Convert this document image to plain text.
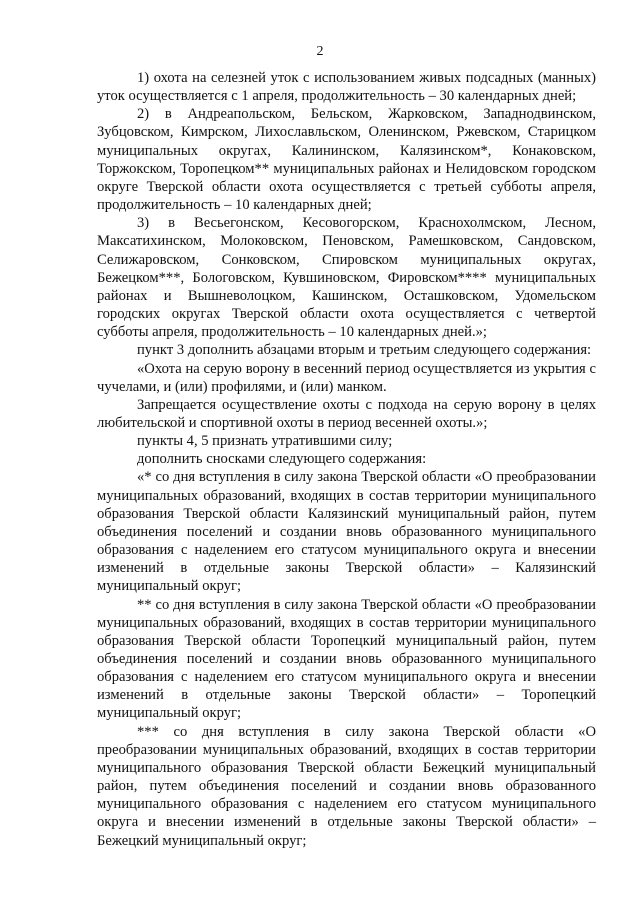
2

1) охота на селезней уток с использованием живых подсадных (манных) уток осуществляется с 1 апреля, продолжительность – 30 календарных дней;

2) в Андреапольском, Бельском, Жарковском, Западнодвинском, Зубцовском, Кимрском, Лихославльском, Оленинском, Ржевском, Старицком муниципальных округах, Калининском, Калязинском*, Конаковском, Торжокском, Торопецком** муниципальных районах и Нелидовском городском округе Тверской области охота осуществляется с третьей субботы апреля, продолжительность – 10 календарных дней;

3) в Весьегонском, Кесовогорском, Краснохолмском, Лесном, Максатихинском, Молоковском, Пеновском, Рамешковском, Сандовском, Селижаровском, Сонковском, Спировском муниципальных округах, Бежецком***, Бологовском, Кувшиновском, Фировском**** муниципальных районах и Вышневолоцком, Кашинском, Осташковском, Удомельском городских округах Тверской области охота осуществляется с четвертой субботы апреля, продолжительность – 10 календарных дней.»;

пункт 3 дополнить абзацами вторым и третьим следующего содержания:

«Охота на серую ворону в весенний период осуществляется из укрытия с чучелами, и (или) профилями, и (или) манком.

Запрещается осуществление охоты с подхода на серую ворону в целях любительской и спортивной охоты в период весенней охоты.»;

пункты 4, 5 признать утратившими силу;

дополнить сносками следующего содержания:

«* со дня вступления в силу закона Тверской области «О преобразовании муниципальных образований, входящих в состав территории муниципального образования Тверской области Калязинский муниципальный район, путем объединения поселений и создании вновь образованного муниципального образования с наделением его статусом муниципального округа и внесении изменений в отдельные законы Тверской области» – Калязинский муниципальный округ;

** со дня вступления в силу закона Тверской области «О преобразовании муниципальных образований, входящих в состав территории муниципального образования Тверской области Торопецкий муниципальный район, путем объединения поселений и создании вновь образованного муниципального образования с наделением его статусом муниципального округа и внесении изменений в отдельные законы Тверской области» – Торопецкий муниципальный округ;

*** со дня вступления в силу закона Тверской области «О преобразовании муниципальных образований, входящих в состав территории муниципального образования Тверской области Бежецкий муниципальный район, путем объединения поселений и создании вновь образованного муниципального образования с наделением его статусом муниципального округа и внесении изменений в отдельные законы Тверской области» – Бежецкий муниципальный округ;
